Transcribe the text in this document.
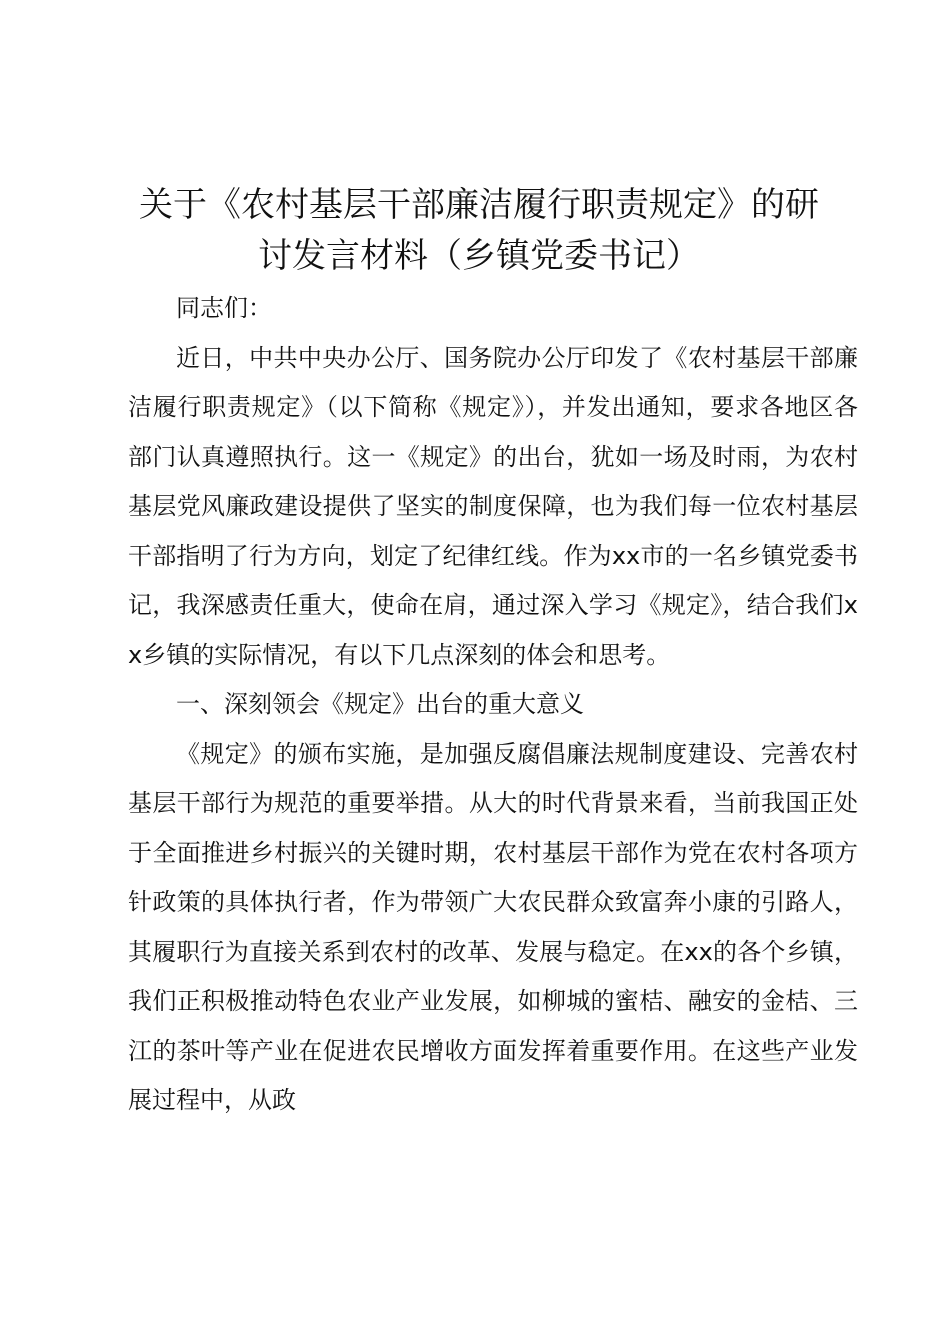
关于《农村基层干部廉洁履行职责规定》的研
讨发言材料（乡镇党委书记）

同志们：

近日，中共中央办公厅、国务院办公厅印发了《农村基层干部廉洁履行职责规定》（以下简称《规定》），并发出通知，要求各地区各部门认真遵照执行。这一《规定》的出台，犹如一场及时雨，为农村基层党风廉政建设提供了坚实的制度保障，也为我们每一位农村基层干部指明了行为方向，划定了纪律红线。作为xx市的一名乡镇党委书记，我深感责任重大，使命在肩，通过深入学习《规定》，结合我们xx乡镇的实际情况，有以下几点深刻的体会和思考。

一、深刻领会《规定》出台的重大意义

《规定》的颁布实施，是加强反腐倡廉法规制度建设、完善农村基层干部行为规范的重要举措。从大的时代背景来看，当前我国正处于全面推进乡村振兴的关键时期，农村基层干部作为党在农村各项方针政策的具体执行者，作为带领广大农民群众致富奔小康的引路人，其履职行为直接关系到农村的改革、发展与稳定。在xx的各个乡镇，我们正积极推动特色农业产业发展，如柳城的蜜桔、融安的金桔、三江的茶叶等产业在促进农民增收方面发挥着重要作用。在这些产业发展过程中，从政
